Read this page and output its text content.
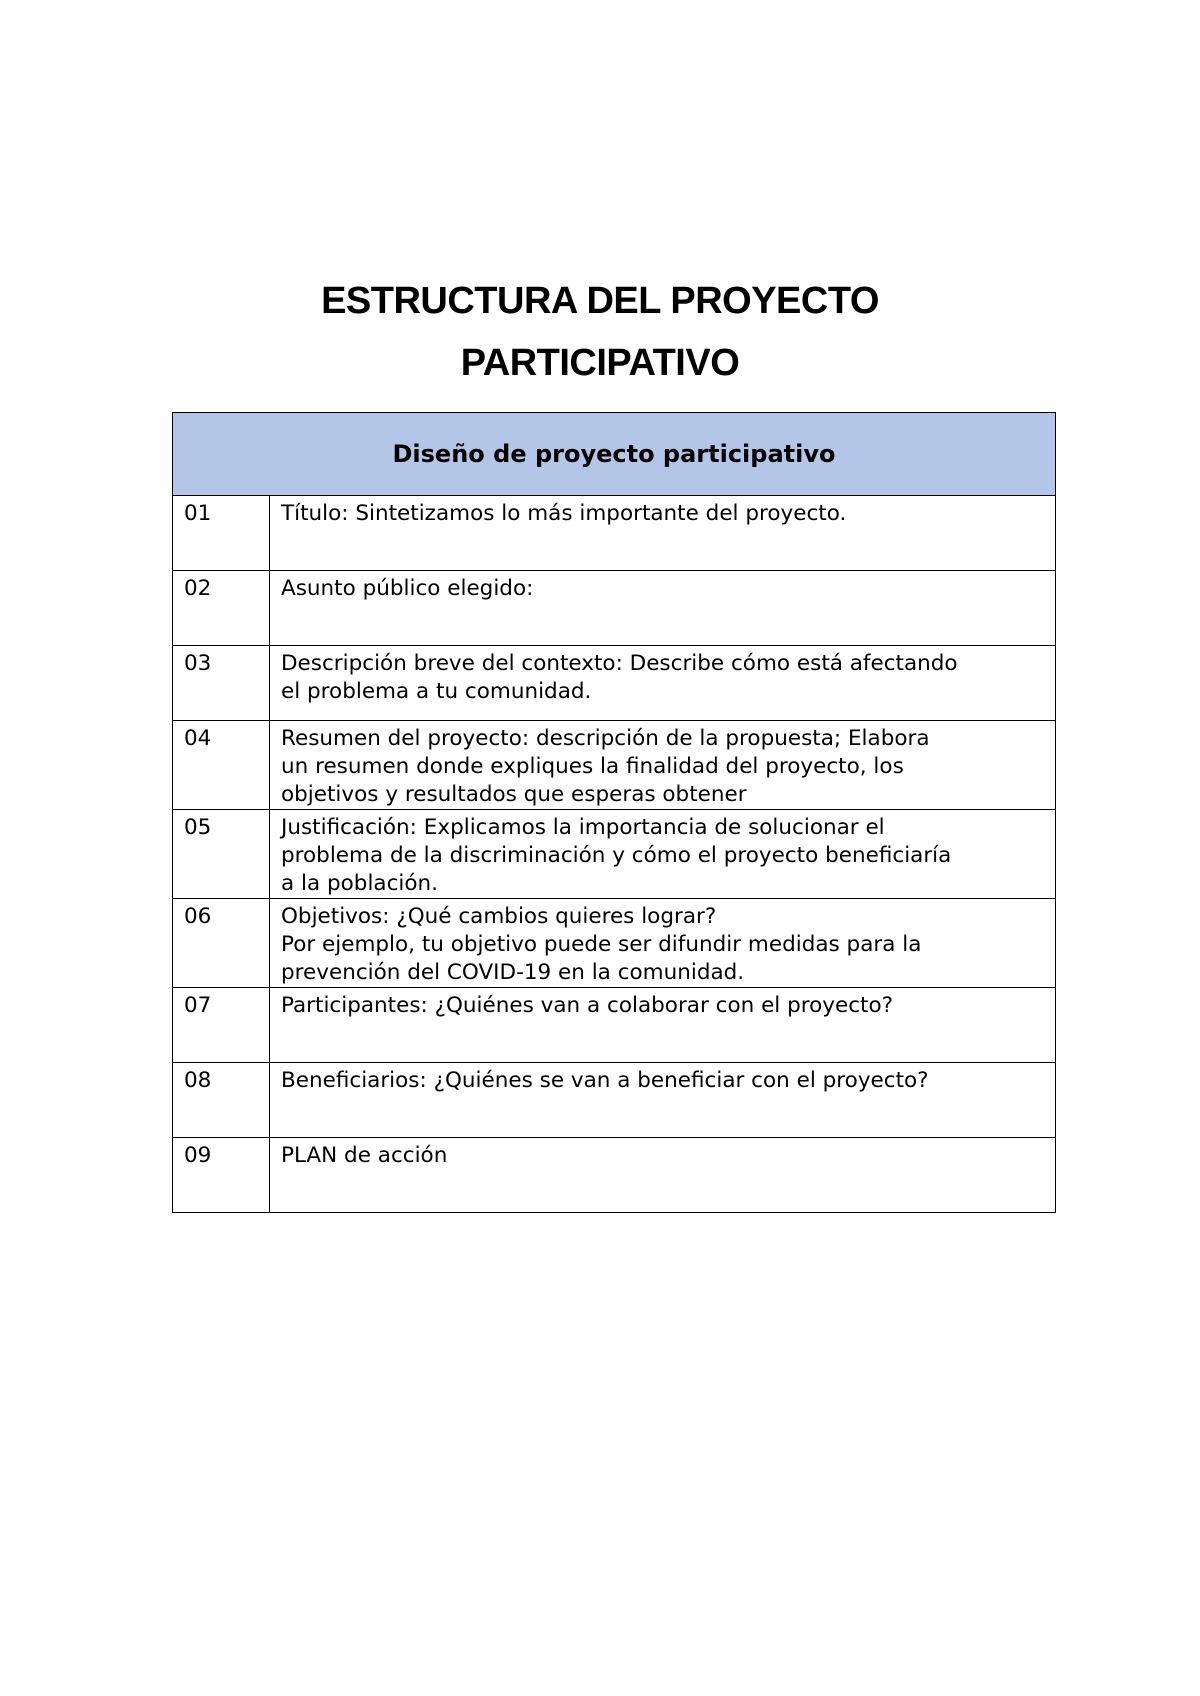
ESTRUCTURA DEL PROYECTO
PARTICIPATIVO
Diseño de proyecto participativo	
01	Título: Sintetizamos lo más importante del proyecto.

02	Asunto público elegido:

03	Descripción breve del contexto: Describe cómo está afectando
el problema a tu comunidad.

04	Resumen del proyecto: descripción de la propuesta; Elabora
un resumen donde expliques la finalidad del proyecto, los
objetivos y resultados que esperas obtener

05	Justificación: Explicamos la importancia de solucionar el
problema de la discriminación y cómo el proyecto beneficiaría
a la población.

06	Objetivos: ¿Qué cambios quieres lograr?
Por ejemplo, tu objetivo puede ser difundir medidas para la
prevención del COVID-19 en la comunidad.

07	Participantes: ¿Quiénes van a colaborar con el proyecto?

08	Beneficiarios: ¿Quiénes se van a beneficiar con el proyecto?

09	PLAN de acción
